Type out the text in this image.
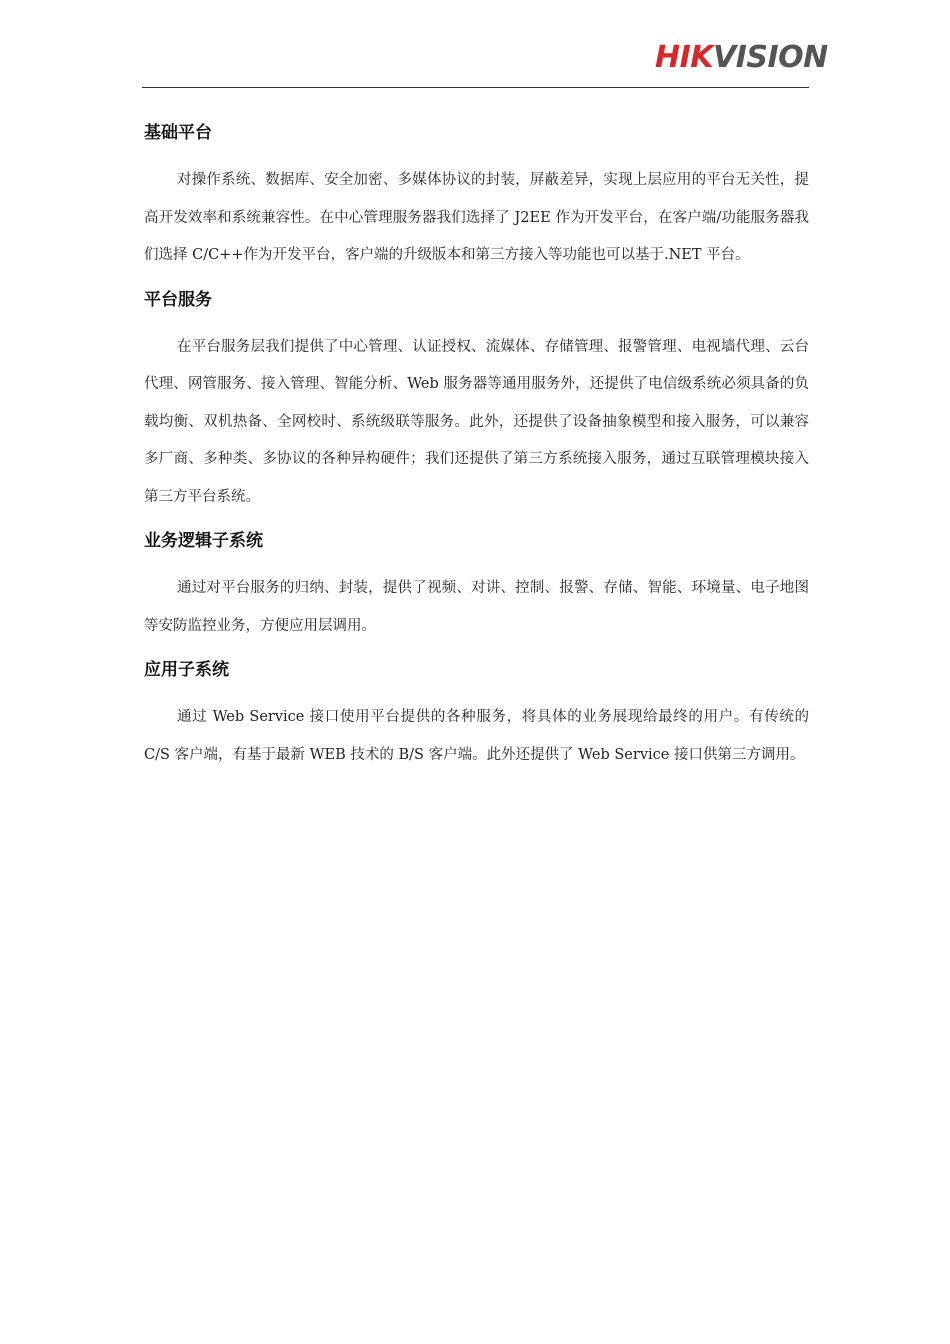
HIK VISION
基础平台

对操作系统、数据库、安全加密、多媒体协议的封装，屏蔽差异，实现上层应用的平台无关性，提高开发效率和系统兼容性。在中心管理服务器我们选择了 J2EE 作为开发平台，在客户端/功能服务器我们选择 C/C++作为开发平台，客户端的升级版本和第三方接入等功能也可以基于.NET 平台。

平台服务

在平台服务层我们提供了中心管理、认证授权、流媒体、存储管理、报警管理、电视墙代理、云台代理、网管服务、接入管理、智能分析、Web 服务器等通用服务外，还提供了电信级系统必须具备的负载均衡、双机热备、全网校时、系统级联等服务。此外，还提供了设备抽象模型和接入服务，可以兼容多厂商、多种类、多协议的各种异构硬件；我们还提供了第三方系统接入服务，通过互联管理模块接入第三方平台系统。

业务逻辑子系统

通过对平台服务的归纳、封装，提供了视频、对讲、控制、报警、存储、智能、环境量、电子地图等安防监控业务，方便应用层调用。

应用子系统

通过 Web Service 接口使用平台提供的各种服务，将具体的业务展现给最终的用户。有传统的 C/S 客户端，有基于最新 WEB 技术的 B/S 客户端。此外还提供了 Web Service 接口供第三方调用。
